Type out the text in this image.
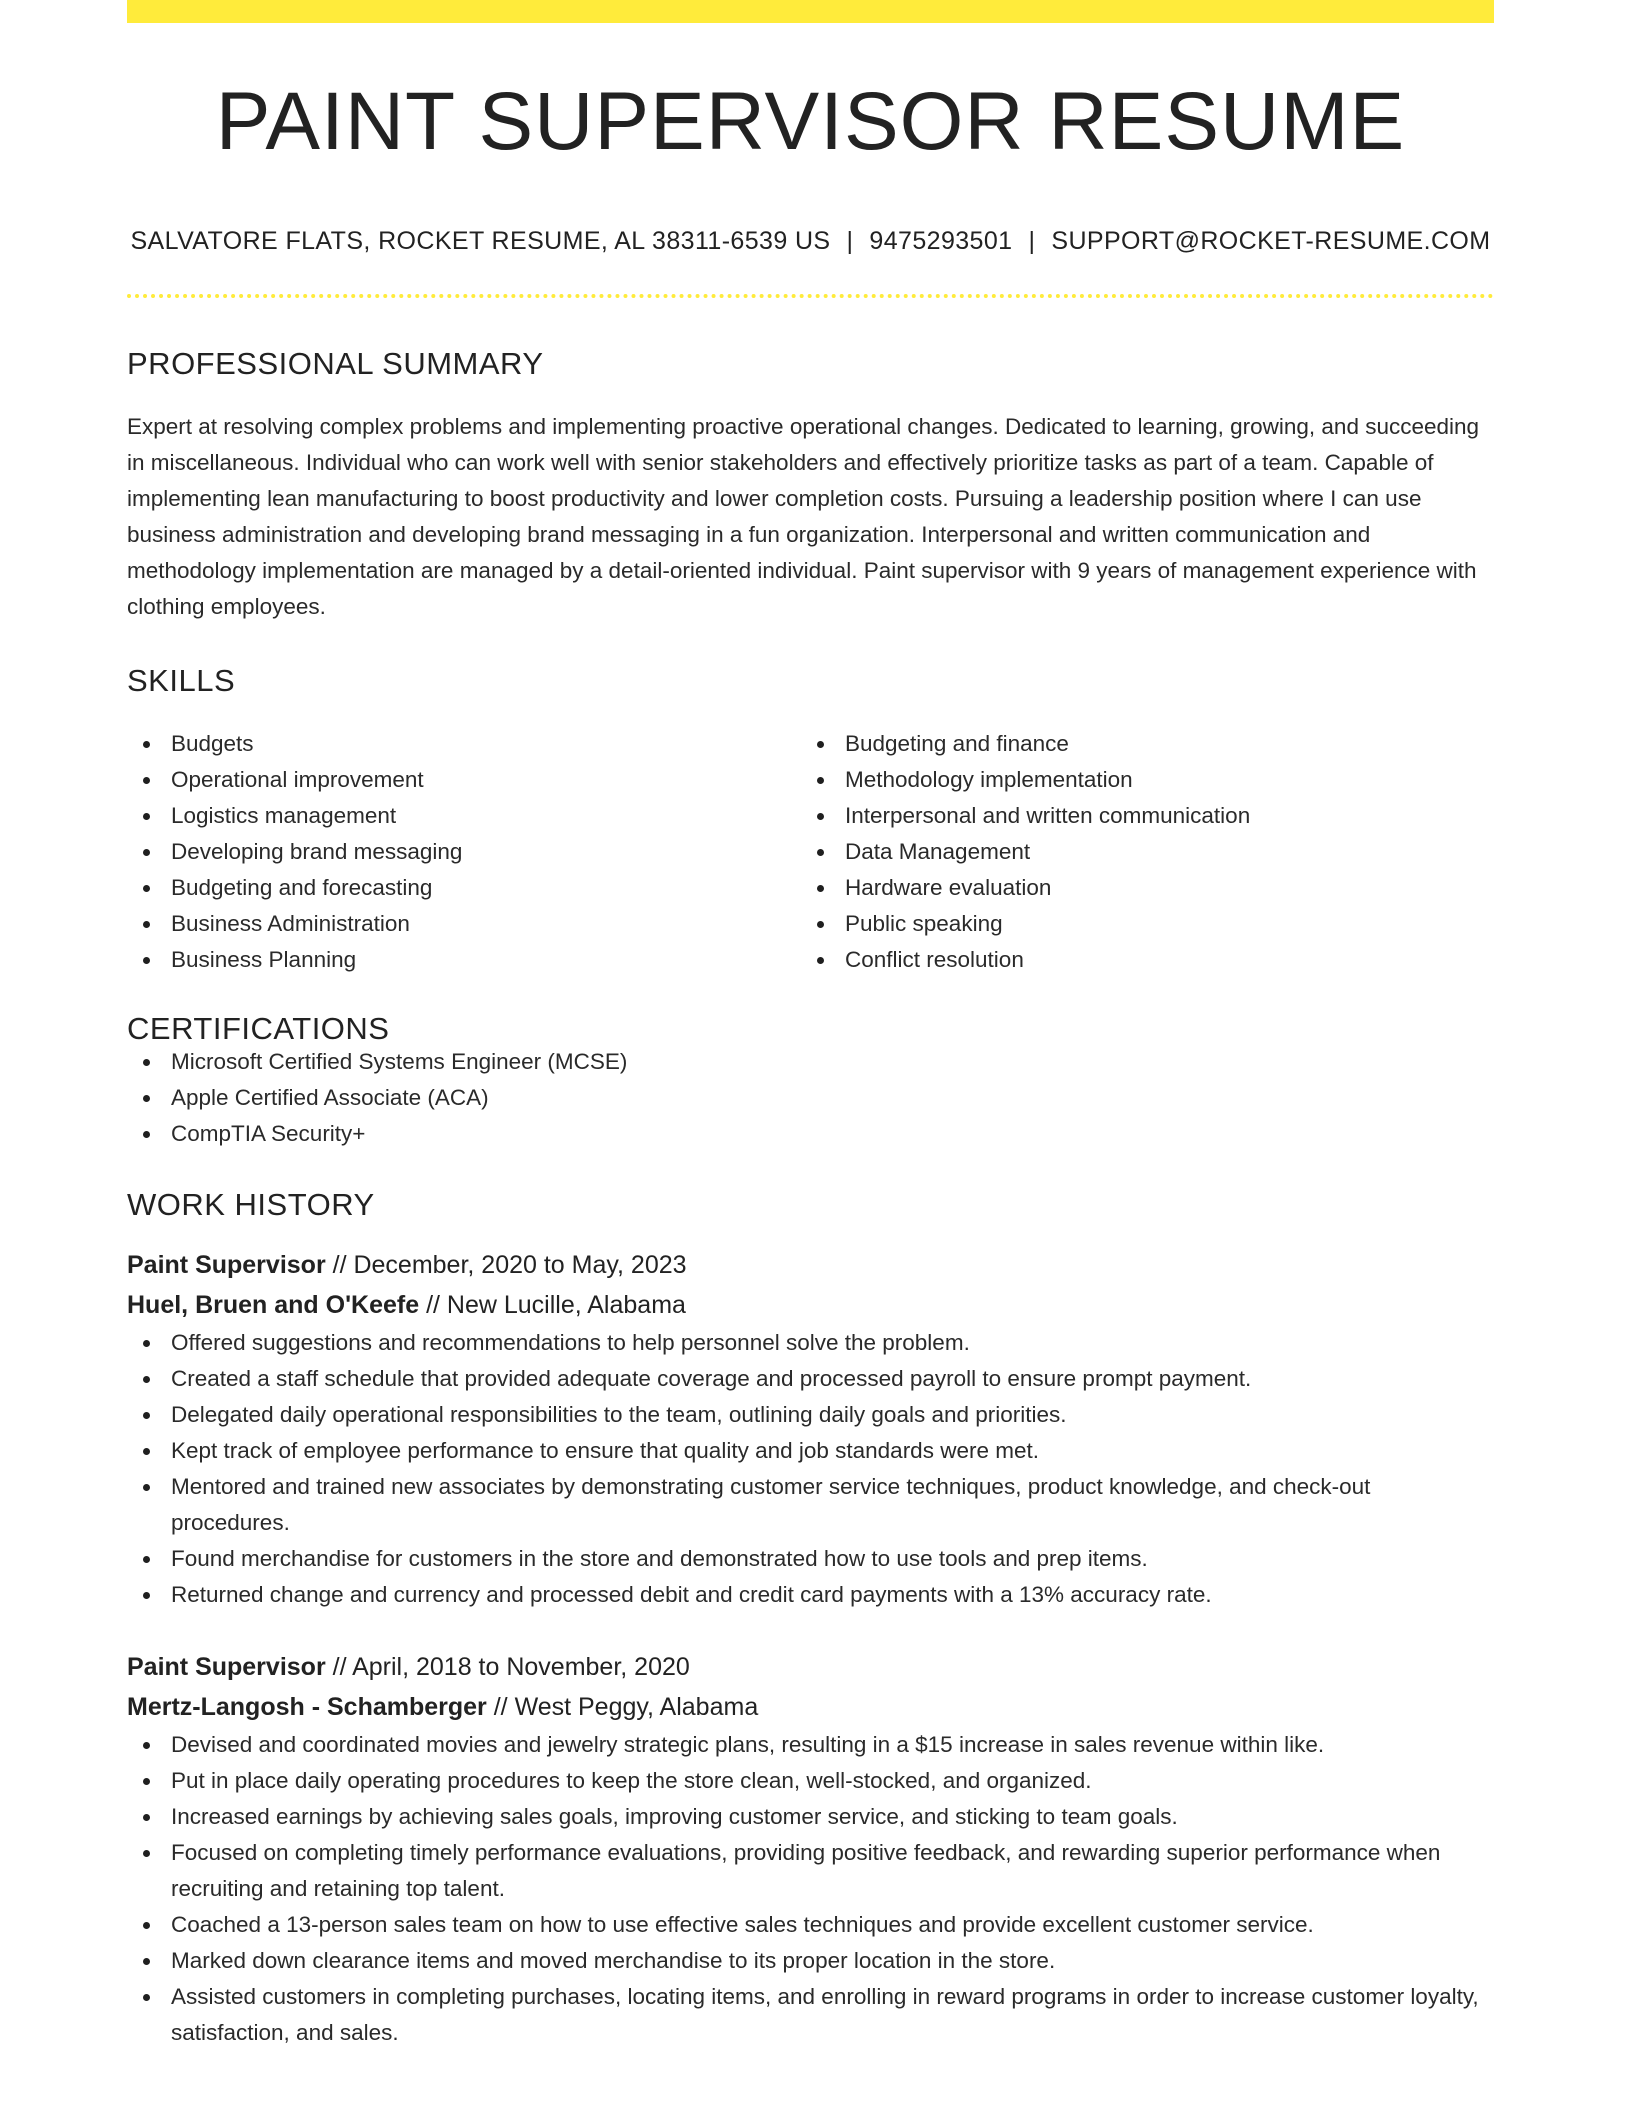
PAINT SUPERVISOR RESUME
SALVATORE FLATS, ROCKET RESUME, AL 38311-6539 US | 9475293501 | SUPPORT@ROCKET-RESUME.COM
PROFESSIONAL SUMMARY

Expert at resolving complex problems and implementing proactive operational changes. Dedicated to learning, growing, and succeeding in miscellaneous. Individual who can work well with senior stakeholders and effectively prioritize tasks as part of a team. Capable of implementing lean manufacturing to boost productivity and lower completion costs. Pursuing a leadership position where I can use business administration and developing brand messaging in a fun organization. Interpersonal and written communication and methodology implementation are managed by a detail-oriented individual. Paint supervisor with 9 years of management experience with clothing employees.

SKILLS
Budgets
Operational improvement
Logistics management
Developing brand messaging
Budgeting and forecasting
Business Administration
Business Planning
Budgeting and finance
Methodology implementation
Interpersonal and written communication
Data Management
Hardware evaluation
Public speaking
Conflict resolution
CERTIFICATIONS
Microsoft Certified Systems Engineer (MCSE)
Apple Certified Associate (ACA)
CompTIA Security+
WORK HISTORY
Paint Supervisor // December, 2020 to May, 2023
Huel, Bruen and O'Keefe // New Lucille, Alabama
Offered suggestions and recommendations to help personnel solve the problem.
Created a staff schedule that provided adequate coverage and processed payroll to ensure prompt payment.
Delegated daily operational responsibilities to the team, outlining daily goals and priorities.
Kept track of employee performance to ensure that quality and job standards were met.
Mentored and trained new associates by demonstrating customer service techniques, product knowledge, and check-out procedures.
Found merchandise for customers in the store and demonstrated how to use tools and prep items.
Returned change and currency and processed debit and credit card payments with a 13% accuracy rate.
Paint Supervisor // April, 2018 to November, 2020
Mertz-Langosh - Schamberger // West Peggy, Alabama
Devised and coordinated movies and jewelry strategic plans, resulting in a $15 increase in sales revenue within like.
Put in place daily operating procedures to keep the store clean, well-stocked, and organized.
Increased earnings by achieving sales goals, improving customer service, and sticking to team goals.
Focused on completing timely performance evaluations, providing positive feedback, and rewarding superior performance when recruiting and retaining top talent.
Coached a 13-person sales team on how to use effective sales techniques and provide excellent customer service.
Marked down clearance items and moved merchandise to its proper location in the store.
Assisted customers in completing purchases, locating items, and enrolling in reward programs in order to increase customer loyalty, satisfaction, and sales.
